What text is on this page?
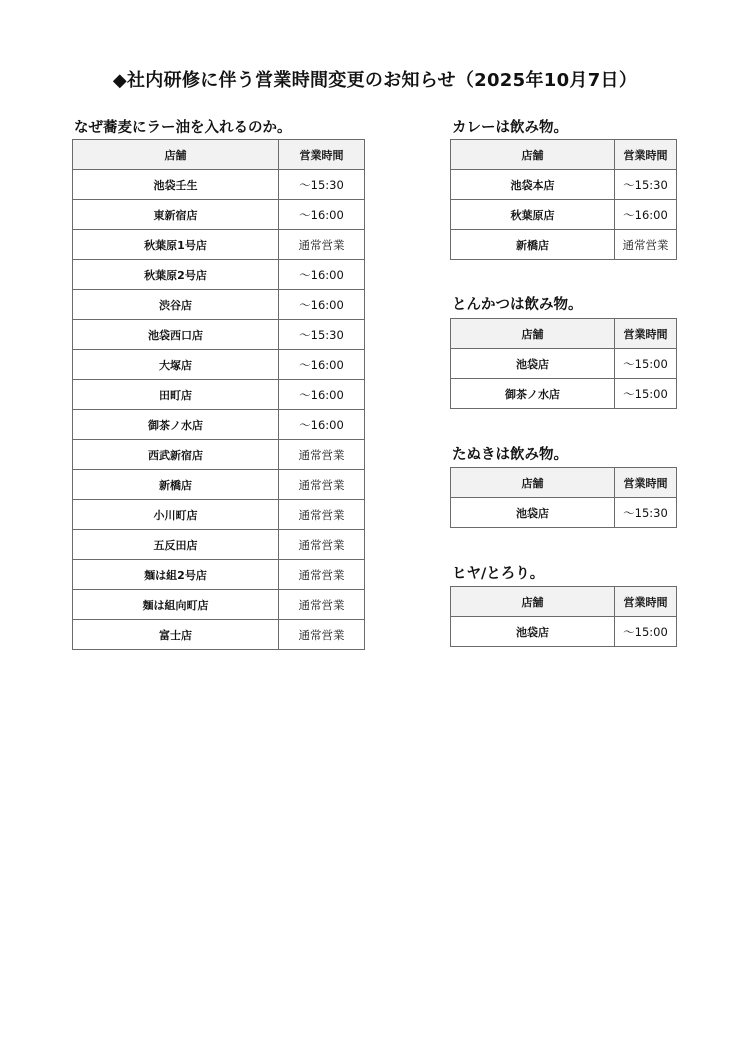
◆社内研修に伴う営業時間変更のお知らせ（2025年10月7日）
なぜ蕎麦にラー油を入れるのか。
店舗	営業時間
池袋壬生	～15:30
東新宿店	～16:00
秋葉原1号店	通常営業
秋葉原2号店	～16:00
渋谷店	～16:00
池袋西口店	～15:30
大塚店	～16:00
田町店	～16:00
御茶ノ水店	～16:00
西武新宿店	通常営業
新橋店	通常営業
小川町店	通常営業
五反田店	通常営業
麺は組2号店	通常営業
麺は組向町店	通常営業
富士店	通常営業
カレーは飲み物。
店舗	営業時間
池袋本店	～15:30
秋葉原店	～16:00
新橋店	通常営業
とんかつは飲み物。
店舗	営業時間
池袋店	～15:00
御茶ノ水店	～15:00
たぬきは飲み物。
店舗	営業時間
池袋店	～15:30
ヒヤ/とろり。
店舗	営業時間
池袋店	～15:00
